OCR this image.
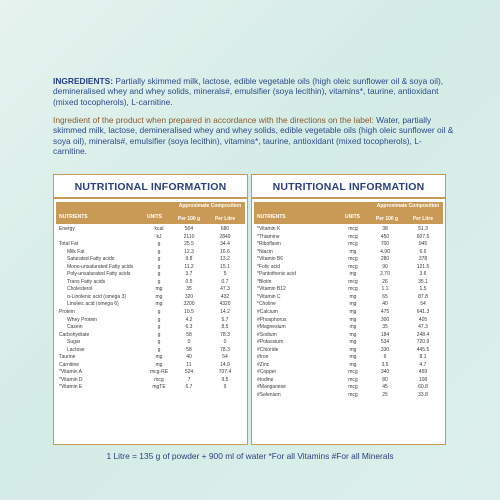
INGREDIENTS: Partially skimmed milk, lactose, edible vegetable oils (high oleic sunflower oil & soya oil), demineralised whey and whey solids, minerals#, emulsifier (soya lecithin), vitamins*, taurine, antioxidant (mixed tocopherols), L-carnitine.
Ingredient of the product when prepared in accordance with the directions on the label: Water, partially skimmed milk, lactose, demineralised whey and whey solids, edible vegetable oils (high oleic sunflower oil & soya oil), minerals#, emulsifier (soya lecithin), vitamins*, taurine, antioxidant (mixed tocopherols), L-carnitine.
NUTRITIONAL INFORMATION
NUTRIENTS	UNITS
Approximate Composition
Per 100 g	Per Litre
Energy	kcal	504	680
kJ	2110	2849
Total Fat	g	25.5	34.4
Milk Fat	g	12.3	16.6
Saturated Fatty acids	g	9.8	13.2
Mono-unsaturated Fatty acids	g	11.2	15.1
Poly-unsaturated Fatty acids	g	3.7	5
Trans Fatty acids	g	0.5	0.7
Cholesterol	mg	35	47.3
α-Linolenic acid (omega 3)	mg	320	432
Linoleic acid (omega 6)	mg	3200	4320
Protein	g	10.5	14.2
Whey Protein	g	4.2	5.7
Casein	g	6.3	8.5
Carbohydrate	g	58	78.3
Sugar	g	0	0
Lactose	g	58	78.3
Taurine	mg	40	54
Carnitine	mg	11	14.9
*Vitamin A	mcg-RE	524	707.4
*Vitamin D	mcg	7	9.5
*Vitamin E	mgTE	6.7	9
NUTRITIONAL INFORMATION
NUTRIENTS	UNITS
Approximate Composition
Per 100 g	Per Litre
*Vitamin K	mcg	38	51.3
*Thiamine	mcg	450	607.5
*Riboflavin	mcg	700	945
*Niacin	mg	4.90	6.6
*Vitamin B6	mcg	280	378
*Folic acid	mcg	90	121.5
*Pantothenic acid	mg	2.70	3.6
*Biotin	mcg	26	35.1
*Vitamin B12	mcg	1.1	1.5
*Vitamin C	mg	65	87.8
*Choline	mg	40	54
#Calcium	mg	475	641.3
#Phosphorus	mg	300	405
#Magnesium	mg	35	47.3
#Sodium	mg	184	248.4
#Potassium	mg	534	720.9
#Chloride	mg	330	445.5
#Iron	mg	6	8.1
#Zinc	mg	3.5	4.7
#Copper	mcg	340	459
#Iodine	mcg	80	108
#Manganese	mcg	45	60.8
#Selenium	mcg	25	33.8
1 Litre = 135 g of powder + 900 ml of water *For all Vitamins #For all Minerals
